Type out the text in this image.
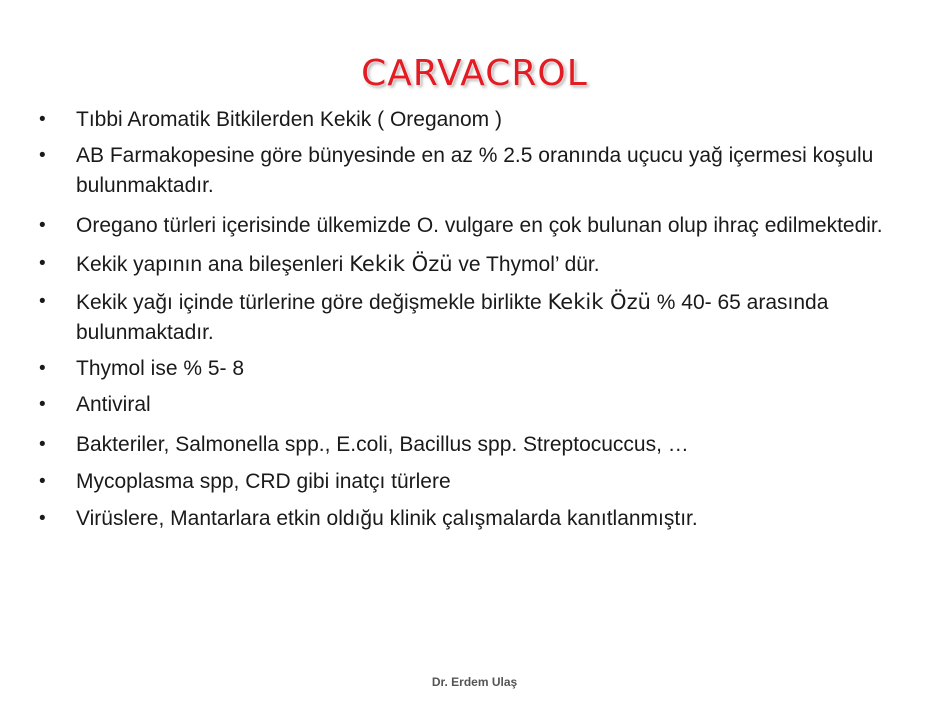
CARVACROL
• Tıbbi Aromatik Bitkilerden Kekik ( Oreganom )
• AB Farmakopesine göre bünyesinde en az % 2.5 oranında uçucu yağ içermesi koşulu bulunmaktadır.
• Oregano türleri içerisinde ülkemizde O. vulgare en çok bulunan olup ihraç edilmektedir.
• Kekik yapının ana bileşenleri Kekik Özü ve Thymol’ dür.
• Kekik yağı içinde türlerine göre değişmekle birlikte Kekik Özü % 40- 65 arasında bulunmaktadır.
• Thymol ise % 5- 8
• Antiviral
• Bakteriler, Salmonella spp., E.coli, Bacillus spp. Streptocuccus, …
• Mycoplasma spp, CRD gibi inatçı türlere
• Virüslere, Mantarlara etkin oldığu klinik çalışmalarda kanıtlanmıştır.
Dr. Erdem Ulaş
